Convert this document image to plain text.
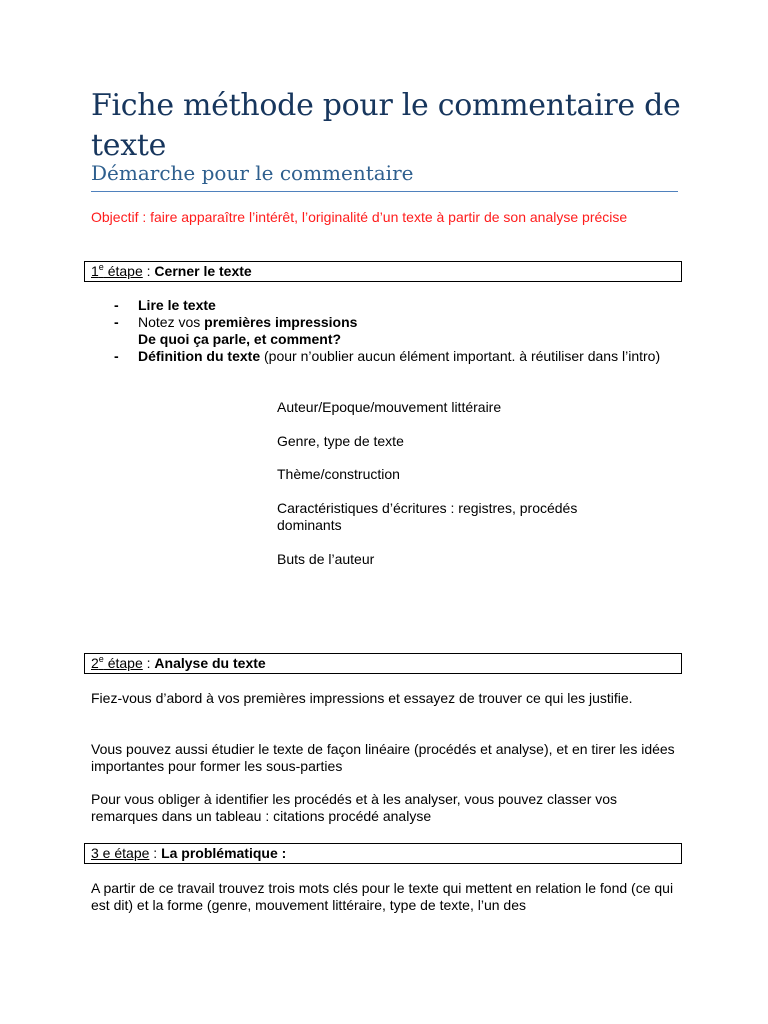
Fiche méthode pour le commentaire de texte
Démarche pour le commentaire
Objectif : faire apparaître l’intérêt, l’originalité d’un texte à partir de son analyse précise
1e étape : Cerner le texte
- Lire le texte
- Notez vos premières impressions
De quoi ça parle, et comment?
- Définition du texte (pour n’oublier aucun élément important. à réutiliser dans l’intro)
Auteur/Epoque/mouvement littéraire
Genre, type de texte
Thème/construction
Caractéristiques d’écritures : registres, procédés dominants
Buts de l’auteur
2e étape : Analyse du texte
Fiez-vous d’abord à vos premières impressions et essayez de trouver ce qui les justifie.
Vous pouvez aussi étudier le texte de façon linéaire (procédés et analyse), et en tirer les idées importantes pour former les sous-parties
Pour vous obliger à identifier les procédés et à les analyser, vous pouvez classer vos remarques dans un tableau : citations procédé analyse
3 e étape : La problématique :
A partir de ce travail trouvez trois mots clés pour le texte qui mettent en relation le fond (ce qui est dit) et la forme (genre, mouvement littéraire, type de texte, l’un des
